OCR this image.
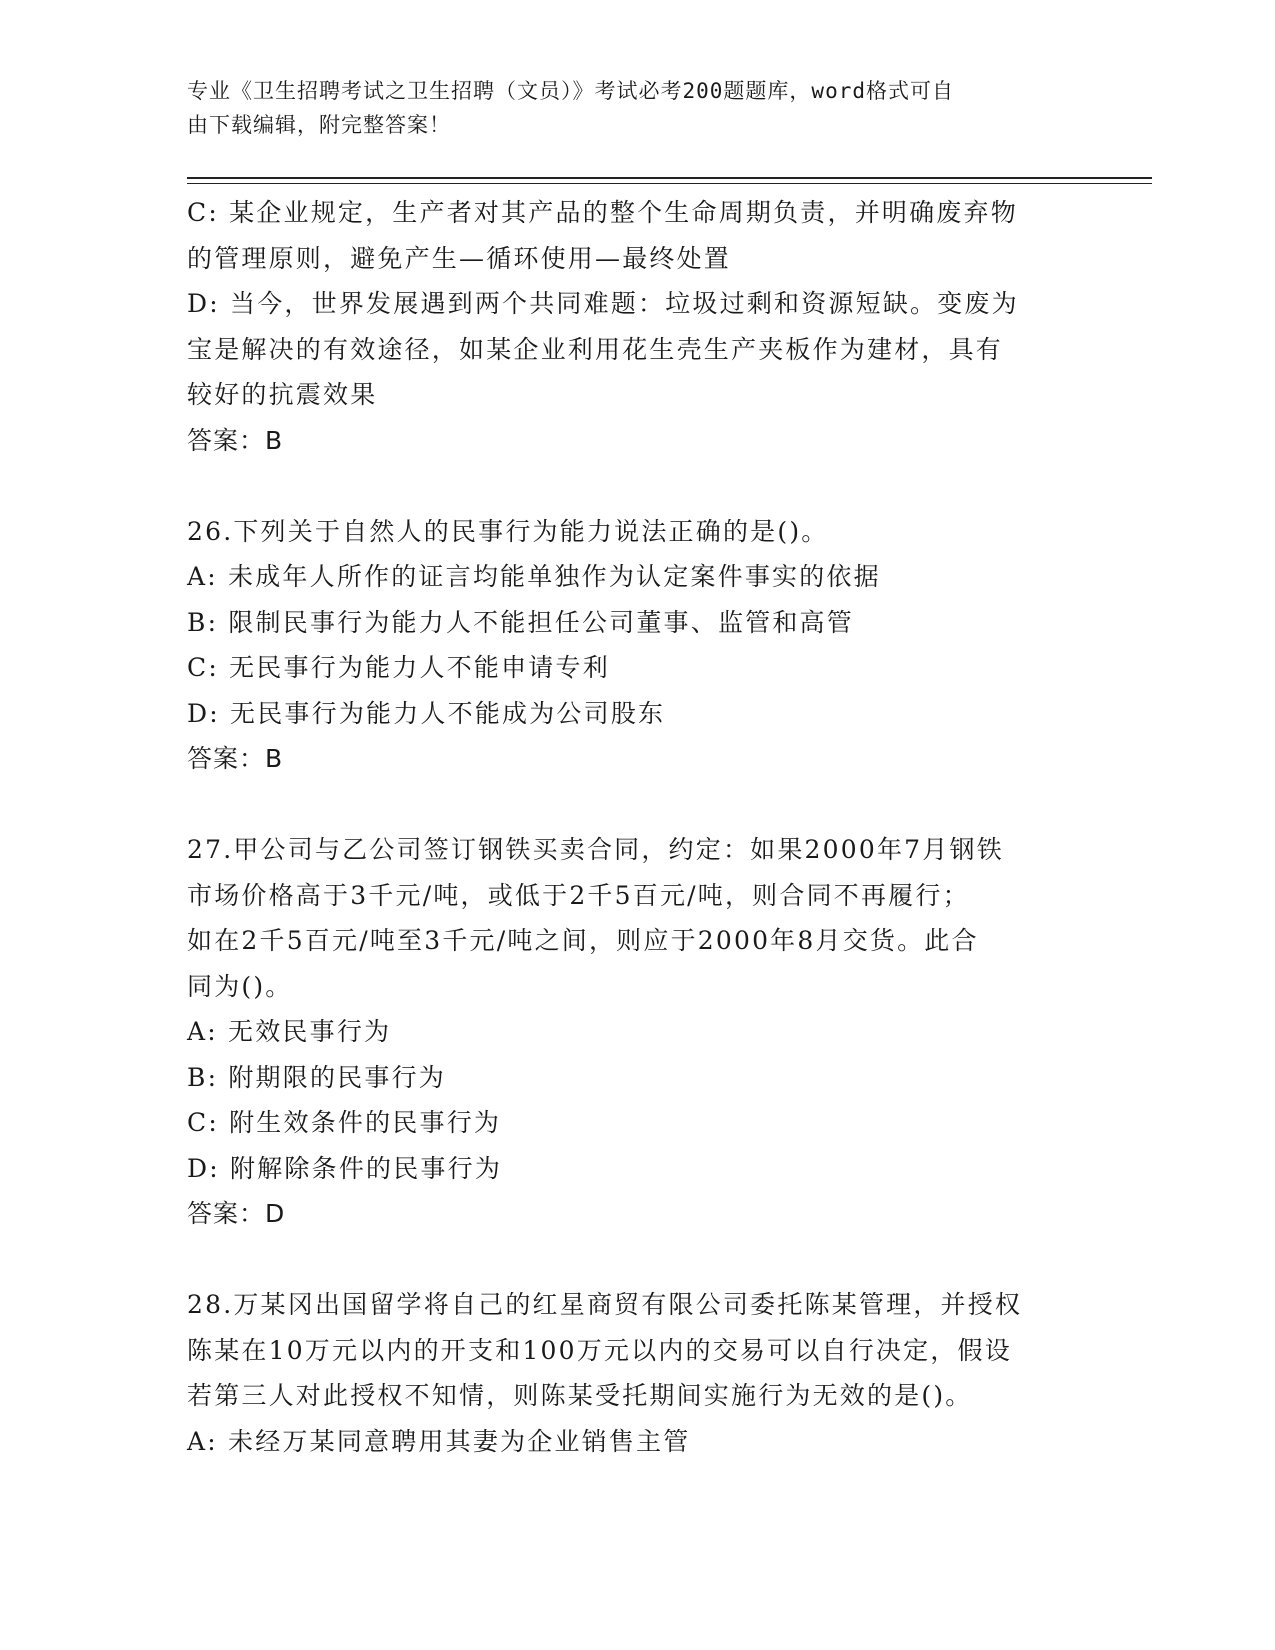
专业《卫生招聘考试之卫生招聘（文员）》考试必考200题题库，word格式可自
由下载编辑，附完整答案！
C: 某企业规定，生产者对其产品的整个生命周期负责，并明确废弃物
的管理原则，避免产生—循环使用—最终处置
D: 当今，世界发展遇到两个共同难题：垃圾过剩和资源短缺。变废为
宝是解决的有效途径，如某企业利用花生壳生产夹板作为建材，具有
较好的抗震效果
答案：B
26.下列关于自然人的民事行为能力说法正确的是()。
A: 未成年人所作的证言均能单独作为认定案件事实的依据
B: 限制民事行为能力人不能担任公司董事、监管和高管
C: 无民事行为能力人不能申请专利
D: 无民事行为能力人不能成为公司股东
答案：B
27.甲公司与乙公司签订钢铁买卖合同，约定：如果2000年7月钢铁
市场价格高于3千元/吨，或低于2千5百元/吨，则合同不再履行；
如在2千5百元/吨至3千元/吨之间，则应于2000年8月交货。此合
同为()。
A: 无效民事行为
B: 附期限的民事行为
C: 附生效条件的民事行为
D: 附解除条件的民事行为
答案：D
28.万某冈出国留学将自己的红星商贸有限公司委托陈某管理，并授权
陈某在10万元以内的开支和100万元以内的交易可以自行决定，假设
若第三人对此授权不知情，则陈某受托期间实施行为无效的是()。
A: 未经万某同意聘用其妻为企业销售主管
